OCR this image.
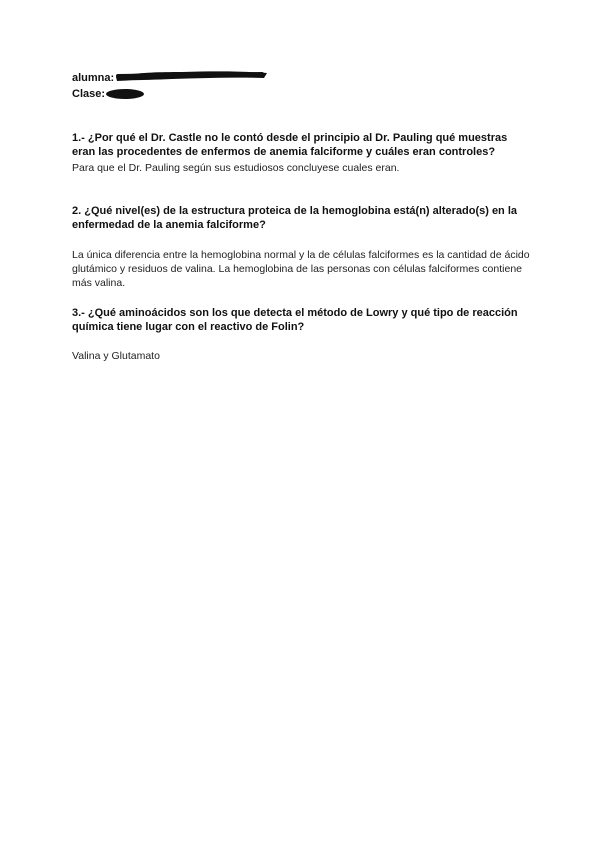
alumna:
Clase:
1.- ¿Por qué el Dr. Castle no le contó desde el principio al Dr. Pauling qué muestras eran las procedentes de enfermos de anemia falciforme y cuáles eran controles?
Para que el Dr. Pauling según sus estudiosos concluyese cuales eran.
2. ¿Qué nivel(es) de la estructura proteica de la hemoglobina está(n) alterado(s) en la enfermedad de la anemia falciforme?
La única diferencia entre la hemoglobina normal y la de células falciformes es la cantidad de ácido glutámico y residuos de valina. La hemoglobina de las personas con células falciformes contiene más valina.
3.- ¿Qué aminoácidos son los que detecta el método de Lowry y qué tipo de reacción química tiene lugar con el reactivo de Folin?
Valina y Glutamato
